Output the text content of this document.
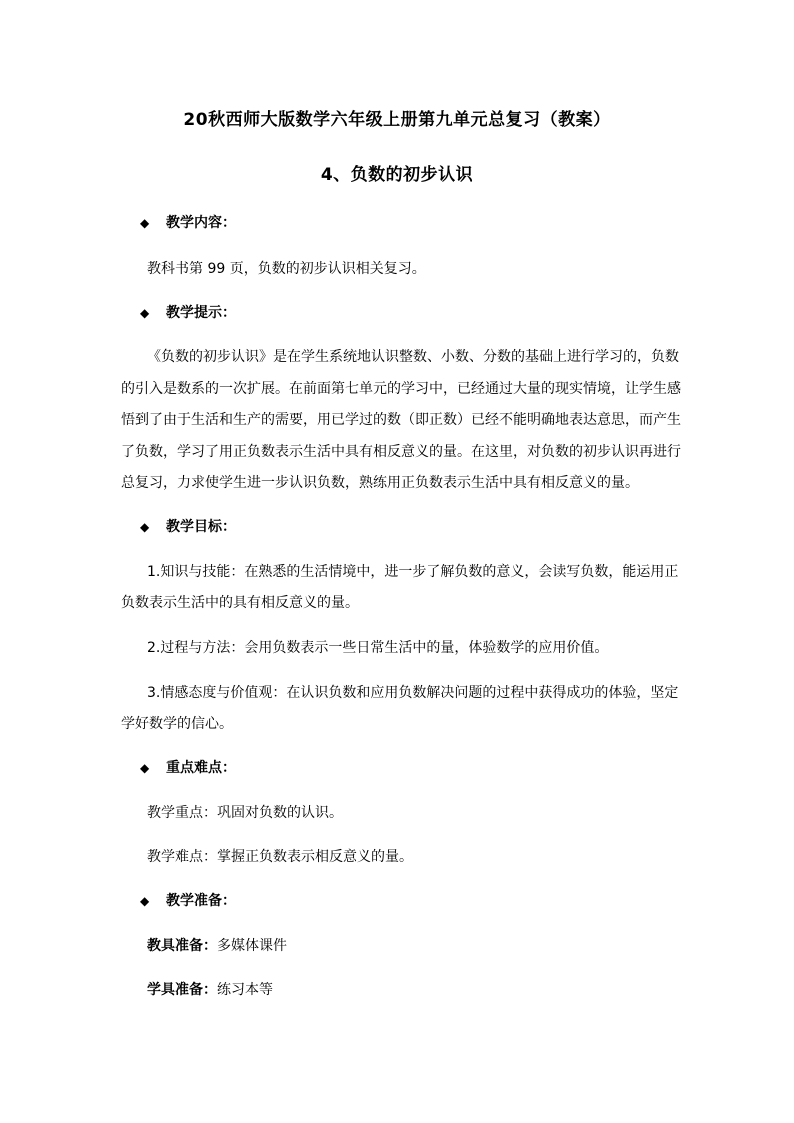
20秋西师大版数学六年级上册第九单元总复习（教案）
4、负数的初步认识
◆ 教学内容：
教科书第 99 页，负数的初步认识相关复习。
◆ 教学提示：
《负数的初步认识》是在学生系统地认识整数、小数、分数的基础上进行学习的，负数
的引入是数系的一次扩展。在前面第七单元的学习中，已经通过大量的现实情境，让学生感
悟到了由于生活和生产的需要，用已学过的数（即正数）已经不能明确地表达意思，而产生
了负数，学习了用正负数表示生活中具有相反意义的量。在这里，对负数的初步认识再进行
总复习，力求使学生进一步认识负数，熟练用正负数表示生活中具有相反意义的量。
◆ 教学目标：
1.知识与技能：在熟悉的生活情境中，进一步了解负数的意义，会读写负数，能运用正
负数表示生活中的具有相反意义的量。
2.过程与方法：会用负数表示一些日常生活中的量，体验数学的应用价值。
3.情感态度与价值观：在认识负数和应用负数解决问题的过程中获得成功的体验，坚定
学好数学的信心。
◆ 重点难点：
教学重点：巩固对负数的认识。
教学难点：掌握正负数表示相反意义的量。
◆ 教学准备：
教具准备：多媒体课件
学具准备：练习本等
